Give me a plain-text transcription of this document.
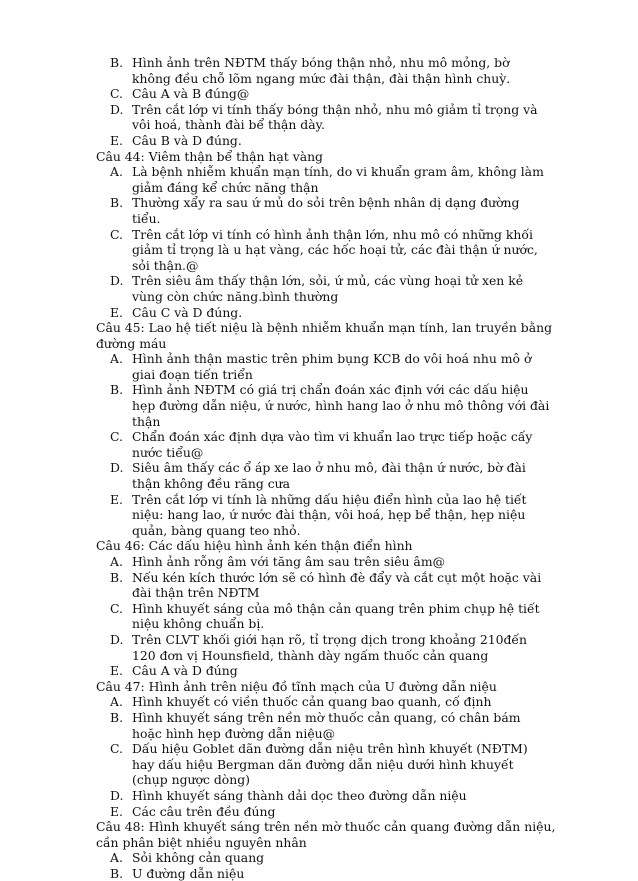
B. Hình ảnh trên NĐTM thấy bóng thận nhỏ, nhu mô mỏng, bờ không đều chỗ lõm ngang mức đài thận, đài thận hình chuỳ.
C. Câu A và B đúng@
D. Trên cắt lớp vi tính thấy bóng thận nhỏ, nhu mô giảm tỉ trọng và vôi hoá, thành đài bể thận dày.
E. Câu B và D đúng.
Câu 44: Viêm thận bể thận hạt vàng
A. Là bệnh nhiễm khuẩn mạn tính, do vi khuẩn gram âm, không làm giảm đáng kể chức năng thận
B. Thường xẩy ra sau ứ mủ do sỏi trên bệnh nhân dị dạng đường tiểu.
C. Trên cắt lớp vi tính có hình ảnh thận lớn, nhu mô có những khối giảm tỉ trọng là u hạt vàng, các hốc hoại tử, các đài thận ứ nước, sỏi thận.@
D. Trên siêu âm thấy thận lớn, sỏi, ứ mủ, các vùng hoại tử xen kẻ vùng còn chức năng.bình thường
E. Câu C và D đúng.
Câu 45: Lao hệ tiết niệu là bệnh nhiễm khuẩn mạn tính, lan truyền bằng đường máu
A. Hình ảnh thận mastic trên phim bụng KCB do vôi hoá nhu mô ở giai đoạn tiến triển
B. Hình ảnh NĐTM có giá trị chẩn đoán xác định với các dấu hiệu hẹp đường dẫn niệu, ứ nước, hình hang lao ở nhu mô thông với đài thận
C. Chẩn đoán xác định dựa vào tìm vi khuẩn lao trực tiếp hoặc cấy nước tiểu@
D. Siêu âm thấy các ổ áp xe lao ở nhu mô, đài thận ứ nước, bờ đài thận không đều răng cưa
E. Trên cắt lớp vi tính là những dấu hiệu điển hình của lao hệ tiết niệu: hang lao, ứ nước đài thận, vôi hoá, hẹp bể thận, hẹp niệu quản, bàng quang teo nhỏ.
Câu 46: Các dấu hiệu hình ảnh kén thận điển hình
A. Hình ảnh rỗng âm với tăng âm sau trên siêu âm@
B. Nếu kén kích thước lớn sẽ có hình đè đẩy và cắt cụt một hoặc vài đài thận trên NĐTM
C. Hình khuyết sáng của mô thận cản quang trên phim chụp hệ tiết niệu không chuẩn bị.
D. Trên CLVT khối giới hạn rõ, tỉ trọng dịch trong khoảng 210đến 120 đơn vị Hounsfield, thành dày ngấm thuốc cản quang
E. Câu A và D đúng
Câu 47: Hình ảnh trên niệu đồ tĩnh mạch của U đường dẫn niệu
A. Hình khuyết có viền thuốc cản quang bao quanh, cố định
B. Hình khuyết sáng trên nền mờ thuốc cản quang, có chân bám hoặc hình hẹp đường dẫn niệu@
C. Dấu hiệu Goblet dãn đường dẫn niệu trên hình khuyết (NĐTM) hay dấu hiệu Bergman dãn đường dẫn niệu dưới hình khuyết (chụp ngược dòng)
D. Hình khuyết sáng thành dải dọc theo đường dẫn niệu
E. Các câu trên đều đúng
Câu 48: Hình khuyết sáng trên nền mờ thuốc cản quang đường dẫn niệu, cần phân biệt nhiều nguyên nhân
A. Sỏi không cản quang
B. U đường dẫn niệu
